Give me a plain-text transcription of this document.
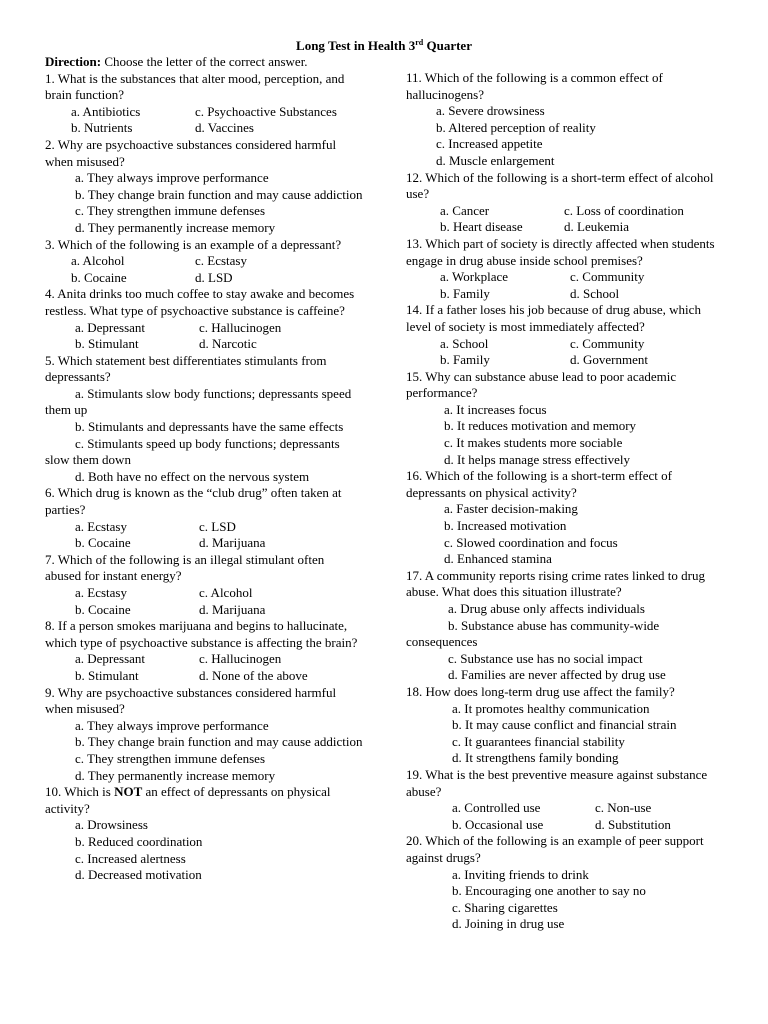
Long Test in Health 3rd Quarter
Direction: Choose the letter of the correct answer.
1. What is the substances that alter mood, perception, and brain function?
a. Antibiotics	c. Psychoactive Substances
b. Nutrients	d. Vaccines
2. Why are psychoactive substances considered harmful when misused?
a. They always improve performance
b. They change brain function and may cause addiction
c. They strengthen immune defenses
d. They permanently increase memory
3. Which of the following is an example of a depressant?
a. Alcohol	c. Ecstasy
b. Cocaine	d. LSD
4. Anita drinks too much coffee to stay awake and becomes restless. What type of psychoactive substance is caffeine?
a. Depressant	c. Hallucinogen
b. Stimulant	d. Narcotic
5. Which statement best differentiates stimulants from depressants?
a. Stimulants slow body functions; depressants speed them up
b. Stimulants and depressants have the same effects
c. Stimulants speed up body functions; depressants slow them down
d. Both have no effect on the nervous system
6. Which drug is known as the “club drug” often taken at parties?
a. Ecstasy	c. LSD
b. Cocaine	d. Marijuana
7. Which of the following is an illegal stimulant often abused for instant energy?
a. Ecstasy	c. Alcohol
b. Cocaine	d. Marijuana
8. If a person smokes marijuana and begins to hallucinate, which type of psychoactive substance is affecting the brain?
a. Depressant	c. Hallucinogen
b. Stimulant	d. None of the above
9. Why are psychoactive substances considered harmful when misused?
a. They always improve performance
b. They change brain function and may cause addiction
c. They strengthen immune defenses
d. They permanently increase memory
10. Which is NOT an effect of depressants on physical activity?
a. Drowsiness
b. Reduced coordination
c. Increased alertness
d. Decreased motivation
11. Which of the following is a common effect of hallucinogens?
a. Severe drowsiness
b. Altered perception of reality
c. Increased appetite
d. Muscle enlargement
12. Which of the following is a short-term effect of alcohol use?
a. Cancer	c. Loss of coordination
b. Heart disease	d. Leukemia
13. Which part of society is directly affected when students engage in drug abuse inside school premises?
a. Workplace	c. Community
b. Family	d. School
14. If a father loses his job because of drug abuse, which level of society is most immediately affected?
a. School	c. Community
b. Family	d. Government
15. Why can substance abuse lead to poor academic performance?
a. It increases focus
b. It reduces motivation and memory
c. It makes students more sociable
d. It helps manage stress effectively
16. Which of the following is a short-term effect of depressants on physical activity?
a. Faster decision-making
b. Increased motivation
c. Slowed coordination and focus
d. Enhanced stamina
17. A community reports rising crime rates linked to drug abuse. What does this situation illustrate?
a. Drug abuse only affects individuals
b. Substance abuse has community-wide consequences
c. Substance use has no social impact
d. Families are never affected by drug use
18. How does long-term drug use affect the family?
a. It promotes healthy communication
b. It may cause conflict and financial strain
c. It guarantees financial stability
d. It strengthens family bonding
19. What is the best preventive measure against substance abuse?
a. Controlled use	c. Non-use
b. Occasional use	d. Substitution
20. Which of the following is an example of peer support against drugs?
a. Inviting friends to drink
b. Encouraging one another to say no
c. Sharing cigarettes
d. Joining in drug use
